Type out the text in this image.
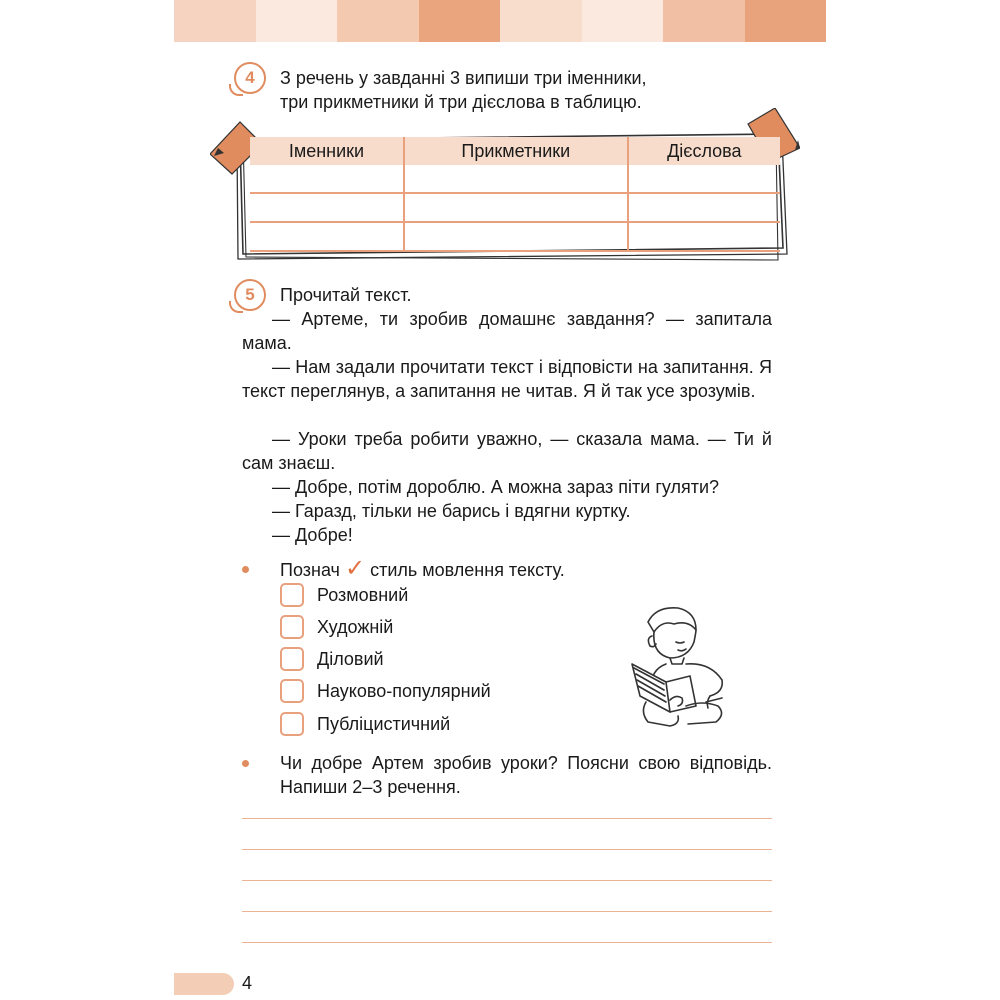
4	З речень у завданні 3 випиши три іменники,

три прикметники й три дієслова в таблицю.

Іменники	Прикметники	Дієслова

5	Прочитай текст.

— Артеме, ти зробив домашнє завдання? — запитала мама.

— Нам задали прочитати текст і відповісти на запитання. Я текст переглянув, а запитання не читав. Я й так усе зрозумів.

— Уроки треба робити уважно, — сказала мама. — Ти й сам знаєш.

— Добре, потім дороблю. А можна зараз піти гуляти?

— Гаразд, тільки не барись і вдягни куртку.

— Добре!

Познач ✓ стиль мовлення тексту.

Розмовний
Художній
Діловий
Науково-популярний
Публіцистичний

Чи добре Артем зробив уроки? Поясни свою відповідь. Напиши 2–3 речення.

4
